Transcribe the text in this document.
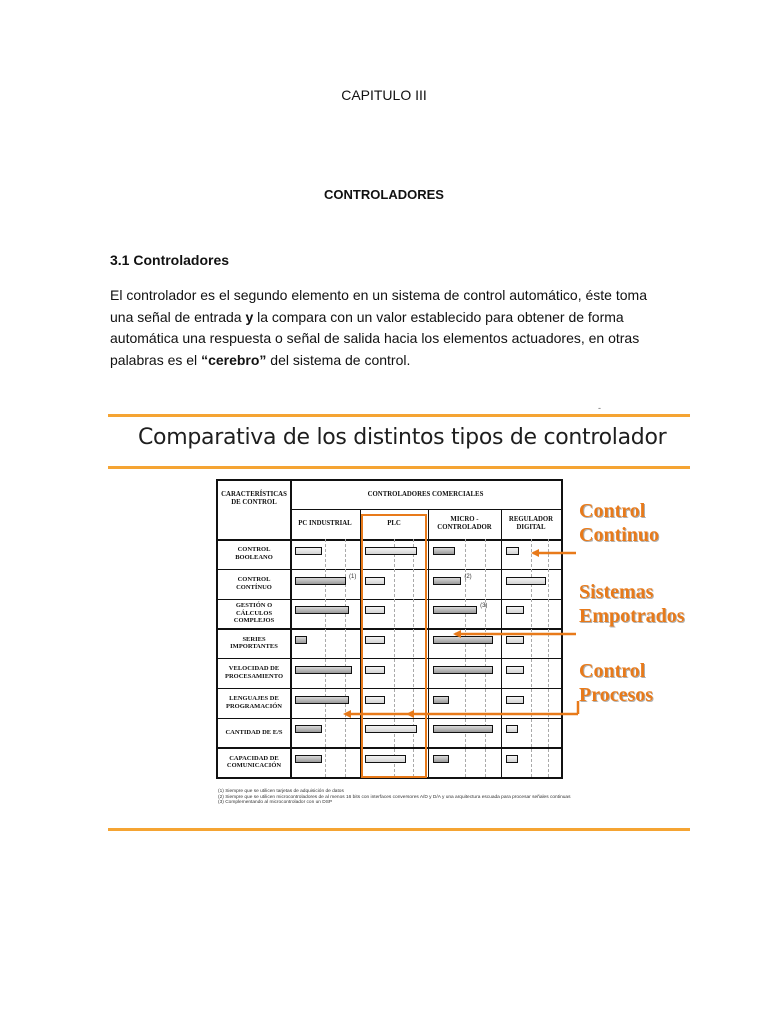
CAPITULO III
CONTROLADORES
3.1 Controladores
El controlador es el segundo elemento en un sistema de control automático, éste toma una señal de entrada y la compara con un valor establecido para obtener de forma automática una respuesta o señal de salida hacia los elementos actuadores, en otras palabras es el “cerebro” del sistema de control.
-
Comparativa de los distintos tipos de controlador
CARACTERÍSTICAS DE CONTROL
CONTROLADORES COMERCIALES
PC INDUSTRIAL	PLC
MICRO - CONTROLADOR
REGULADOR DIGITAL
CONTROL BOOLEANO
CONTROL CONTÍNUO
(1)	(2)
GESTIÓN O CÁLCULOS COMPLEJOS
(3)
SERIES IMPORTANTES
VELOCIDAD DE PROCESAMIENTO
LENGUAJES DE PROGRAMACIÓN
CANTIDAD DE E/S
CAPACIDAD DE COMUNICACIÓN
(1) Siempre que se utilicen tarjetas de adquisición de datos
(2) Siempre que se utilicen microcontroladores de al menos 16 bits con interfaces conversores A/D y D/A y una arquitectura escuada para procesar señales continuas
(3) Complementando al microcontrolador con un DSP
Control
Continuo
Sistemas
Empotrados
Control
Procesos
